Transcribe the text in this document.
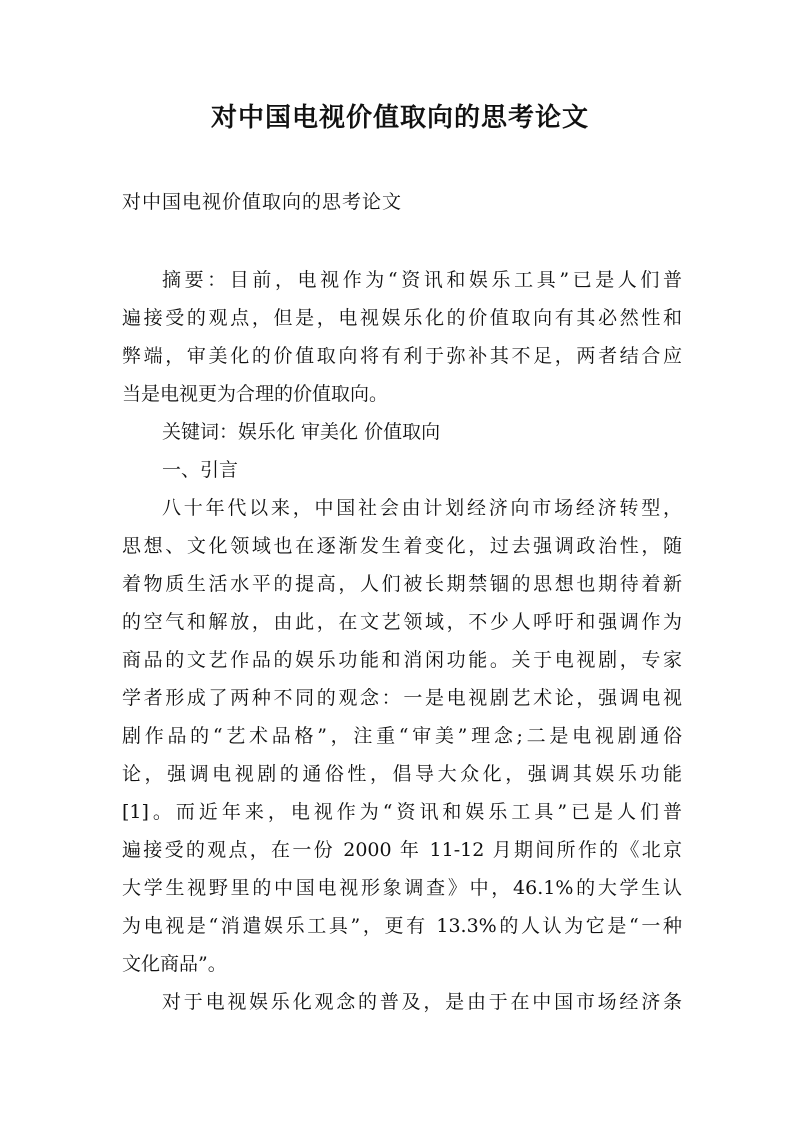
对中国电视价值取向的思考论文

对中国电视价值取向的思考论文

摘要：目前，电视作为“资讯和娱乐工具”已是人们普

遍接受的观点，但是，电视娱乐化的价值取向有其必然性和

弊端，审美化的价值取向将有利于弥补其不足，两者结合应

当是电视更为合理的价值取向。

关键词：娱乐化 审美化 价值取向

一、引言

八十年代以来，中国社会由计划经济向市场经济转型，

思想、文化领域也在逐渐发生着变化，过去强调政治性，随

着物质生活水平的提高，人们被长期禁锢的思想也期待着新

的空气和解放，由此，在文艺领域，不少人呼吁和强调作为

商品的文艺作品的娱乐功能和消闲功能。关于电视剧，专家

学者形成了两种不同的观念：一是电视剧艺术论，强调电视

剧作品的“艺术品格”，注重“审美”理念;二是电视剧通俗

论，强调电视剧的通俗性，倡导大众化，强调其娱乐功能

[1]。而近年来，电视作为“资讯和娱乐工具”已是人们普

遍接受的观点，在一份 2000 年 11-12 月期间所作的《北京

大学生视野里的中国电视形象调查》中，46.1%的大学生认

为电视是“消遣娱乐工具”，更有 13.3%的人认为它是“一种

文化商品”。

对于电视娱乐化观念的普及，是由于在中国市场经济条
